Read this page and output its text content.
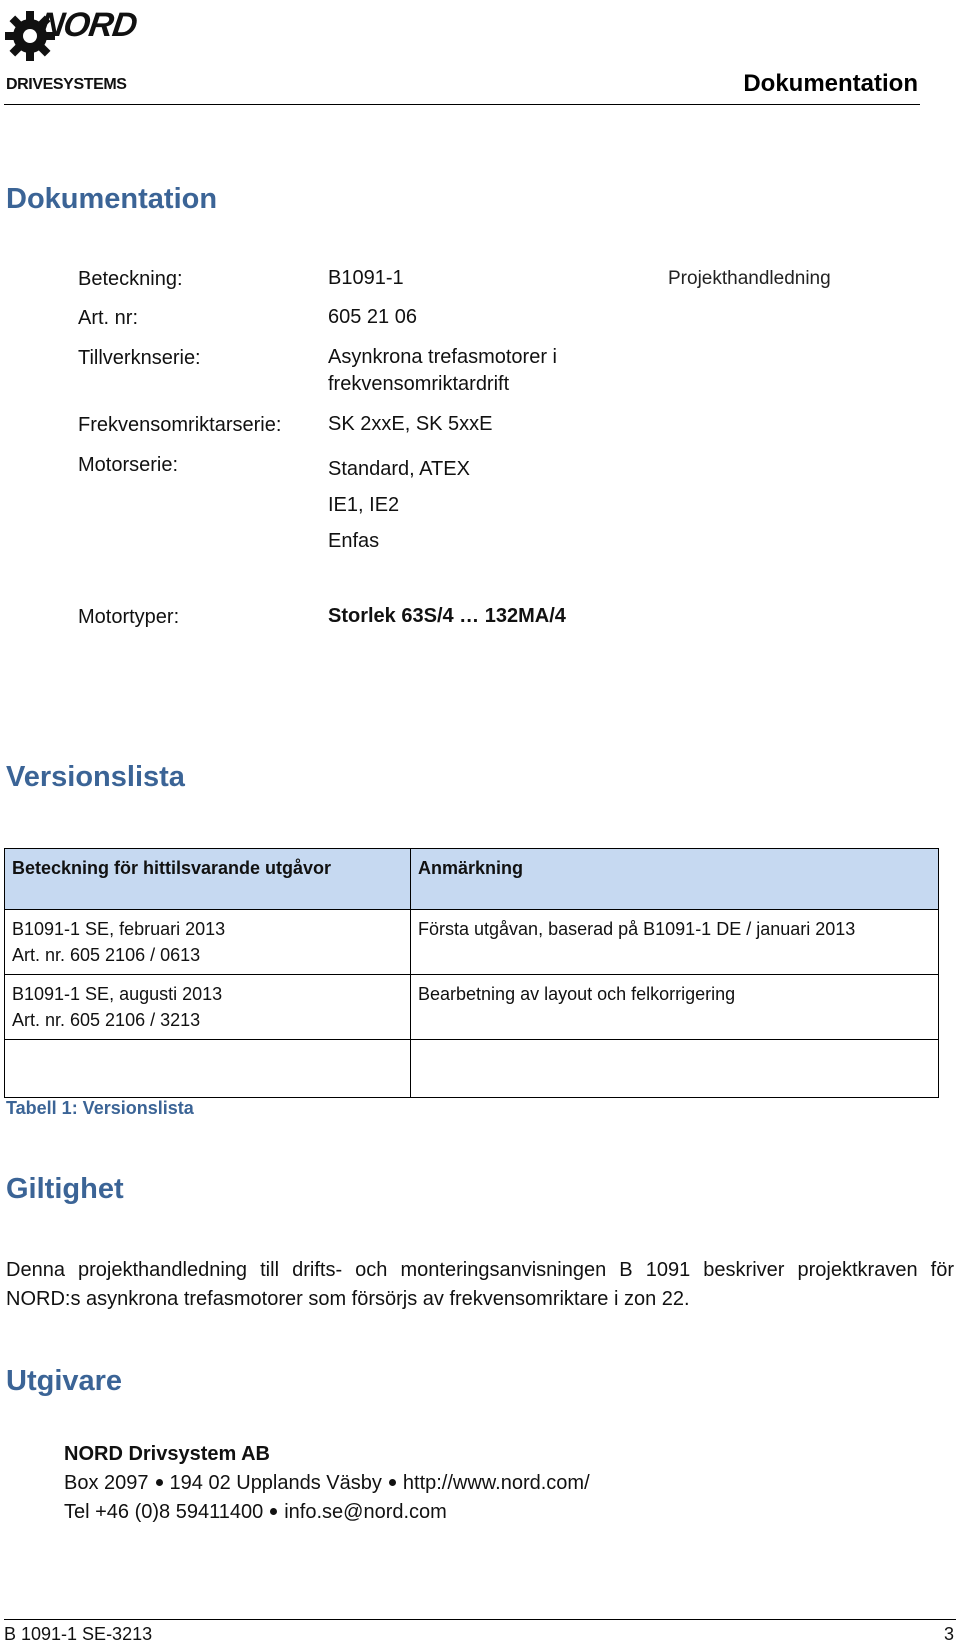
NORD
DRIVESYSTEMS	Dokumentation
Dokumentation
Beteckning:	B1091-1	Projekthandledning
Art. nr:	605 21 06
Tillverknserie:	Asynkrona trefasmotorer i
frekvensomriktardrift
Frekvensomriktarserie: SK 2xxE, SK 5xxE
Motorserie:	Standard, ATEX
IE1, IE2
Enfas
Motortyper:	Storlek 63S/4 … 132MA/4
Versionslista
Beteckning för hittilsvarande utgåvor	Anmärkning

B1091-1 SE, februari 2013
Art. nr. 605 2106 / 0613	Första utgåvan, baserad på B1091-1 DE / januari 2013

B1091-1 SE, augusti 2013
Art. nr. 605 2106 / 3213	Bearbetning av layout och felkorrigering

Tabell 1: Versionslista
Giltighet
Denna projekthandledning till drifts- och monteringsanvisningen B 1091 beskriver projektkraven för NORD:s asynkrona trefasmotorer som försörjs av frekvensomriktare i zon 22.
Utgivare
NORD Drivsystem AB
Box 2097 194 02 Upplands Väsby http://www.nord.com/
Tel +46 (0)8 59411400 info.se@nord.com
B 1091-1 SE-3213	3
